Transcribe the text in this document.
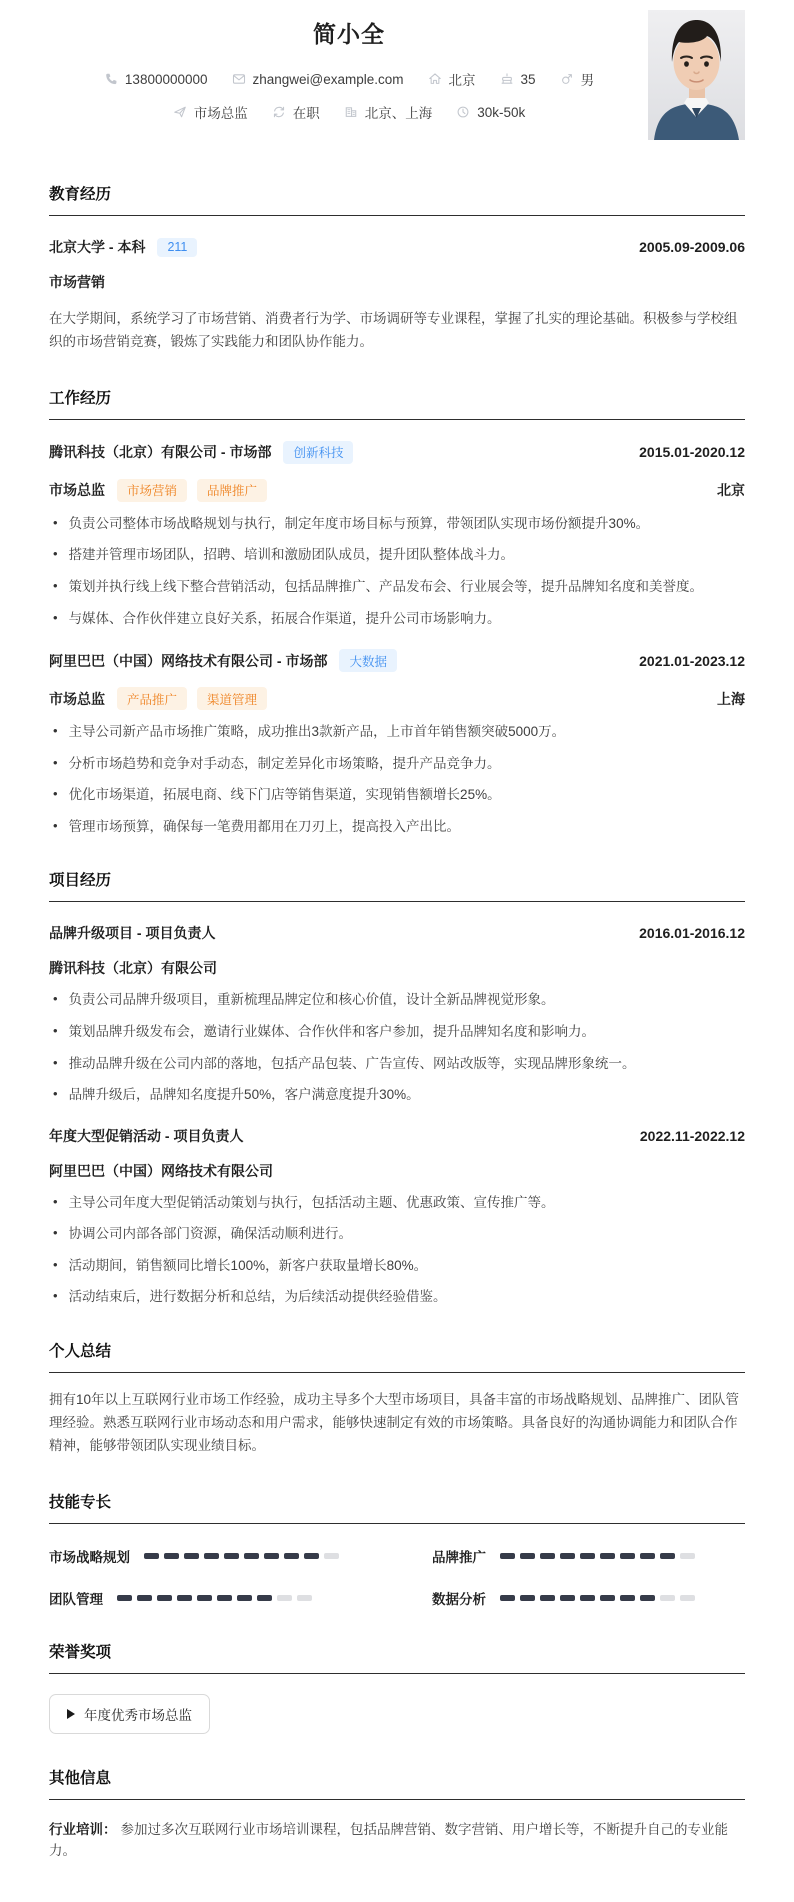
简小全
13800000000	zhangwei@example.com	北京	35	男
市场总监	在职	北京、上海	30k-50k
教育经历
北京大学 - 本科	211	2005.09-2009.06
市场营销
在大学期间，系统学习了市场营销、消费者行为学、市场调研等专业课程，掌握了扎实的理论基础。积极参与学校组织的市场营销竞赛，锻炼了实践能力和团队协作能力。
工作经历
腾讯科技（北京）有限公司 - 市场部	创新科技	2015.01-2020.12
市场总监	市场营销	品牌推广	北京
• 负责公司整体市场战略规划与执行，制定年度市场目标与预算，带领团队实现市场份额提升30%。
• 搭建并管理市场团队，招聘、培训和激励团队成员，提升团队整体战斗力。
• 策划并执行线上线下整合营销活动，包括品牌推广、产品发布会、行业展会等，提升品牌知名度和美誉度。
• 与媒体、合作伙伴建立良好关系，拓展合作渠道，提升公司市场影响力。
阿里巴巴（中国）网络技术有限公司 - 市场部	大数据	2021.01-2023.12
市场总监	产品推广	渠道管理	上海
• 主导公司新产品市场推广策略，成功推出3款新产品，上市首年销售额突破5000万。
• 分析市场趋势和竞争对手动态，制定差异化市场策略，提升产品竞争力。
• 优化市场渠道，拓展电商、线下门店等销售渠道，实现销售额增长25%。
• 管理市场预算，确保每一笔费用都用在刀刃上，提高投入产出比。
项目经历
品牌升级项目 - 项目负责人	2016.01-2016.12
腾讯科技（北京）有限公司
• 负责公司品牌升级项目，重新梳理品牌定位和核心价值，设计全新品牌视觉形象。
• 策划品牌升级发布会，邀请行业媒体、合作伙伴和客户参加，提升品牌知名度和影响力。
• 推动品牌升级在公司内部的落地，包括产品包装、广告宣传、网站改版等，实现品牌形象统一。
• 品牌升级后，品牌知名度提升50%，客户满意度提升30%。
年度大型促销活动 - 项目负责人	2022.11-2022.12
阿里巴巴（中国）网络技术有限公司
• 主导公司年度大型促销活动策划与执行，包括活动主题、优惠政策、宣传推广等。
• 协调公司内部各部门资源，确保活动顺利进行。
• 活动期间，销售额同比增长100%，新客户获取量增长80%。
• 活动结束后，进行数据分析和总结，为后续活动提供经验借鉴。
个人总结
拥有10年以上互联网行业市场工作经验，成功主导多个大型市场项目，具备丰富的市场战略规划、品牌推广、团队管理经验。熟悉互联网行业市场动态和用户需求，能够快速制定有效的市场策略。具备良好的沟通协调能力和团队合作精神，能够带领团队实现业绩目标。
技能专长
市场战略规划	品牌推广
团队管理	数据分析
荣誉奖项
年度优秀市场总监
其他信息
行业培训： 参加过多次互联网行业市场培训课程，包括品牌营销、数字营销、用户增长等，不断提升自己的专业能力。
